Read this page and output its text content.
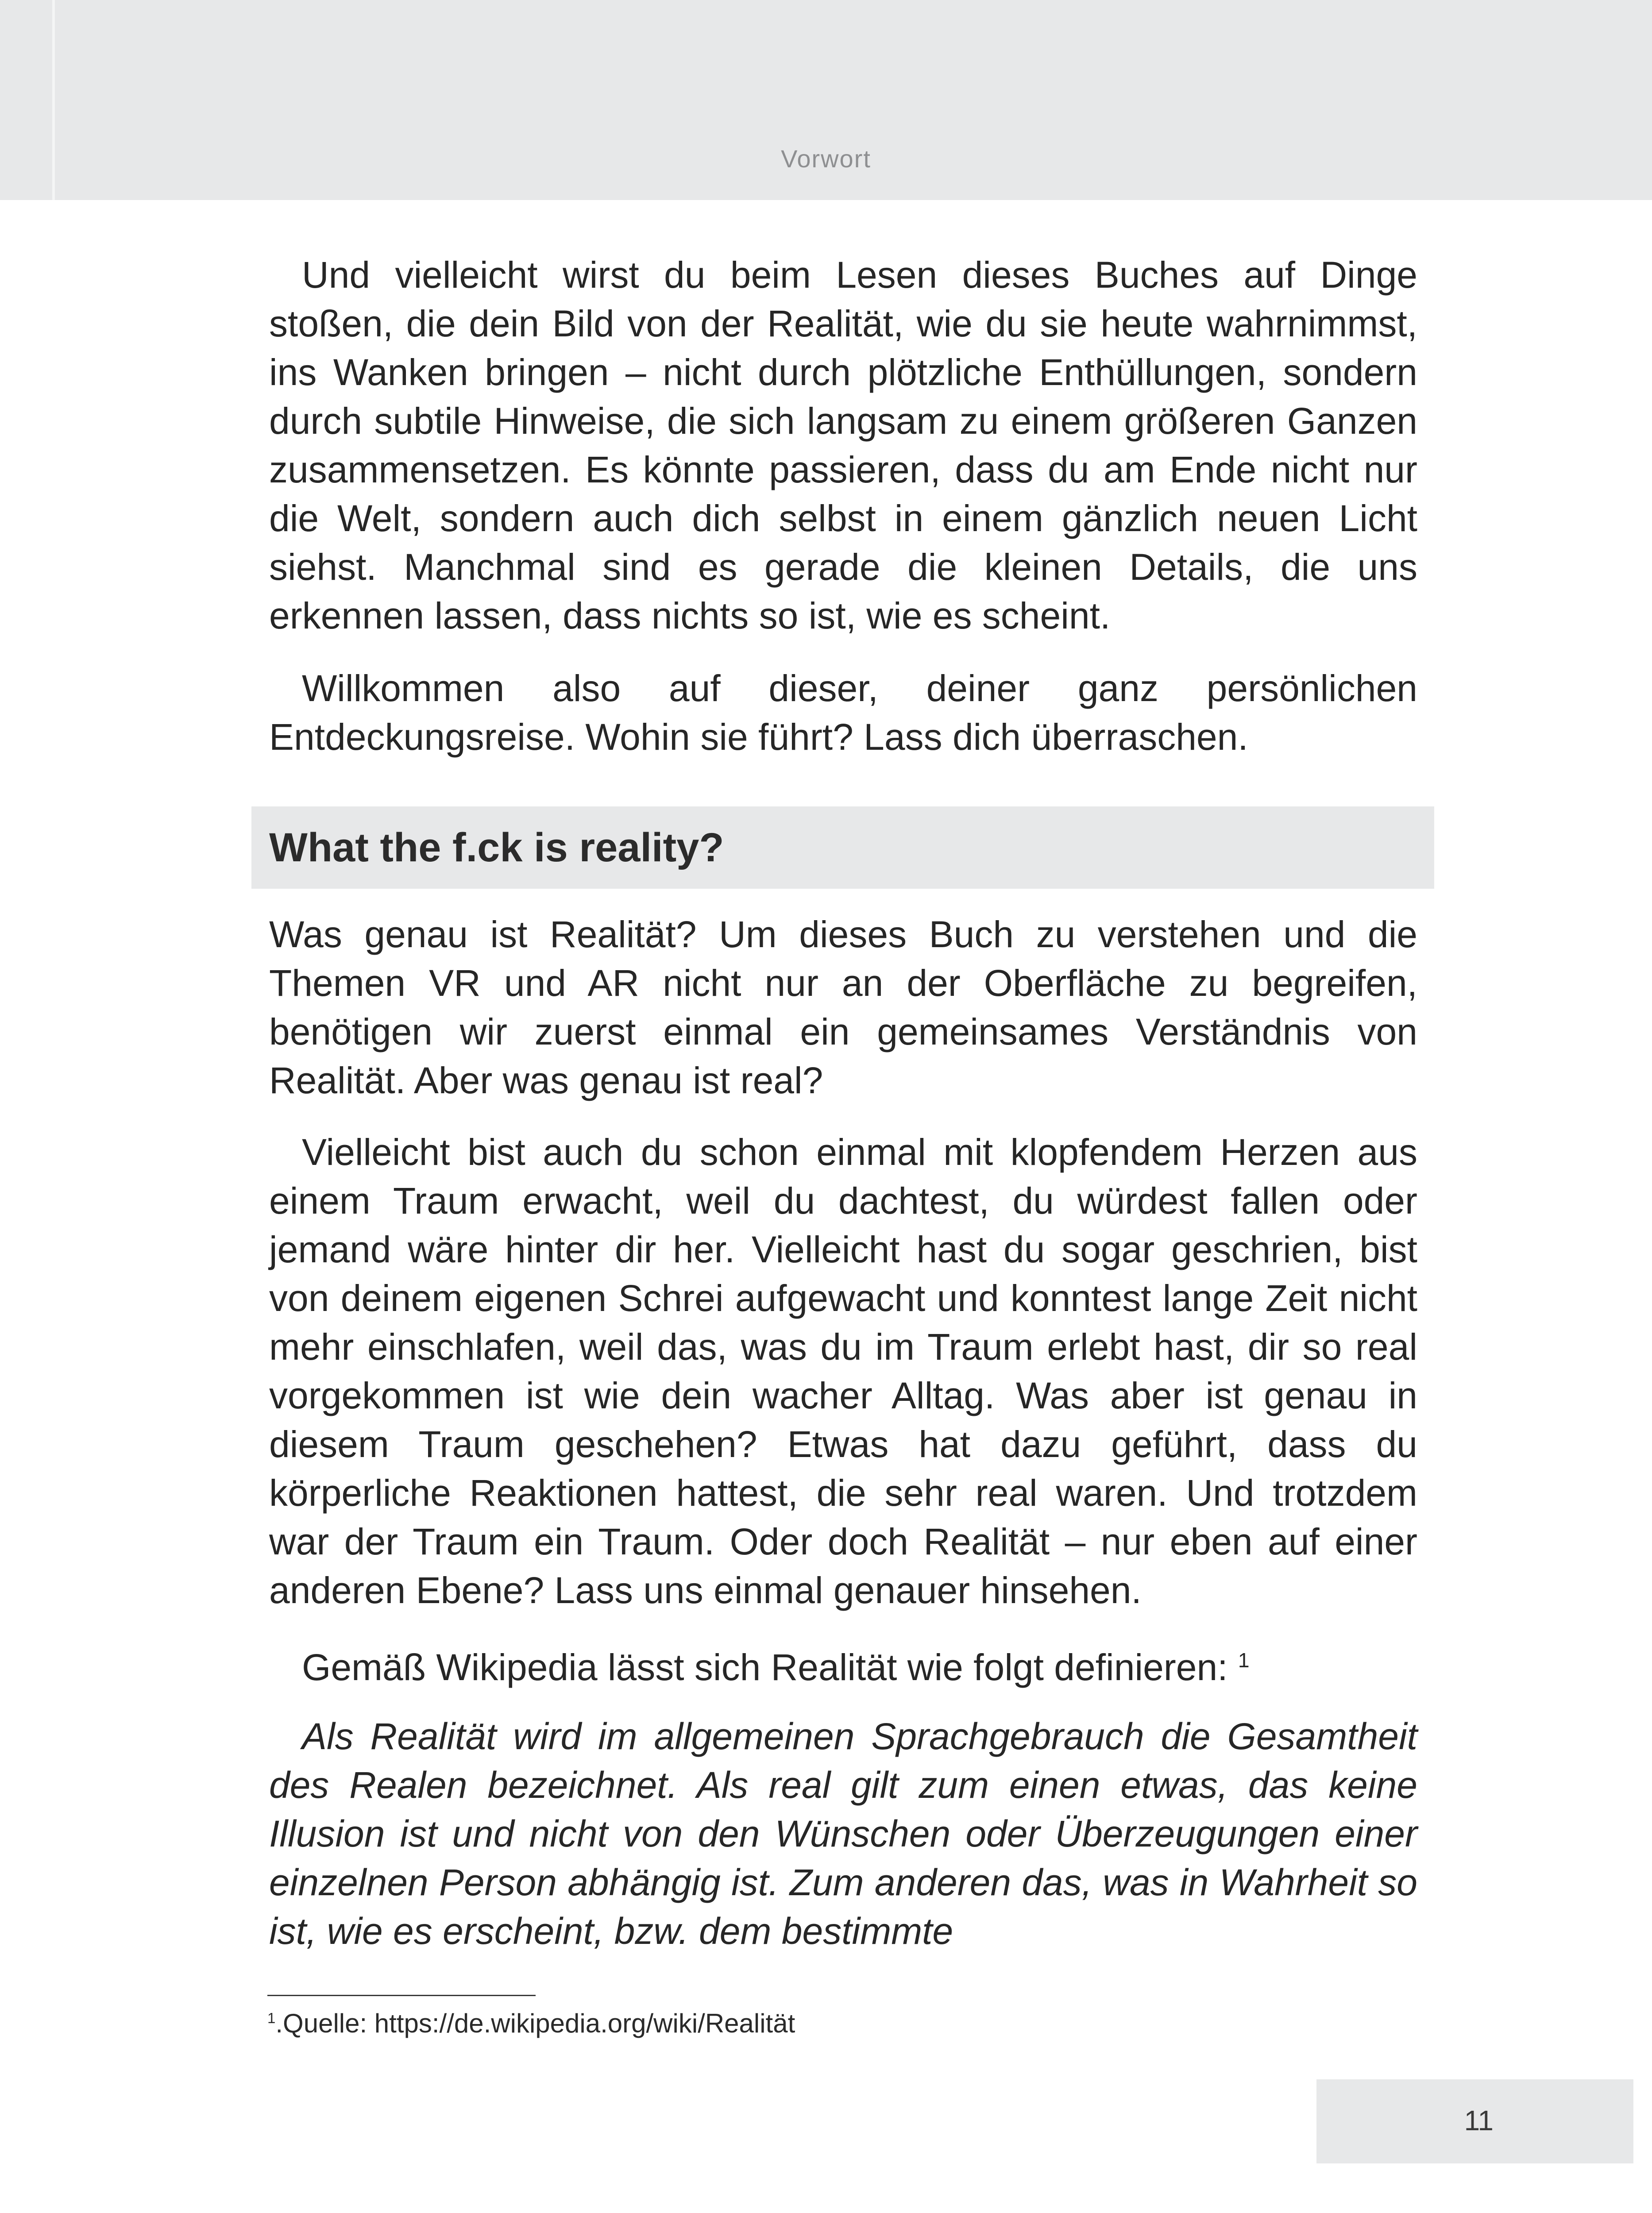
Vorwort

Und vielleicht wirst du beim Lesen dieses Buches auf Dinge stoßen, die dein Bild von der Realität, wie du sie heute wahrnimmst, ins Wanken bringen – nicht durch plötzliche Enthüllungen, sondern durch subtile Hinweise, die sich langsam zu einem größeren Ganzen zusammensetzen. Es könnte passieren, dass du am Ende nicht nur die Welt, sondern auch dich selbst in einem gänzlich neuen Licht siehst. Manchmal sind es gerade die kleinen Details, die uns erkennen lassen, dass nichts so ist, wie es scheint.

Willkommen also auf dieser, deiner ganz persönlichen Entdeckungsreise. Wohin sie führt? Lass dich überraschen.

What the f.ck is reality?

Was genau ist Realität? Um dieses Buch zu verstehen und die Themen VR und AR nicht nur an der Oberfläche zu begreifen, benötigen wir zuerst einmal ein gemeinsames Verständnis von Realität. Aber was genau ist real?

Vielleicht bist auch du schon einmal mit klopfendem Herzen aus einem Traum erwacht, weil du dachtest, du würdest fallen oder jemand wäre hinter dir her. Vielleicht hast du sogar geschrien, bist von deinem eigenen Schrei aufgewacht und konntest lange Zeit nicht mehr einschlafen, weil das, was du im Traum erlebt hast, dir so real vorgekommen ist wie dein wacher Alltag. Was aber ist genau in diesem Traum geschehen? Etwas hat dazu geführt, dass du körperliche Reaktionen hattest, die sehr real waren. Und trotzdem war der Traum ein Traum. Oder doch Realität – nur eben auf einer anderen Ebene? Lass uns einmal genauer hinsehen.

Gemäß Wikipedia lässt sich Realität wie folgt definieren: $^1$

Als Realität wird im allgemeinen Sprachgebrauch die Gesamtheit des Realen bezeichnet. Als real gilt zum einen etwas, das keine Illusion ist und nicht von den Wünschen oder Überzeugungen einer einzelnen Person abhängig ist. Zum anderen das, was in Wahrheit so ist, wie es erscheint, bzw. dem bestimmte

$^1$.Quelle: https://de.wikipedia.org/wiki/Realität

11
